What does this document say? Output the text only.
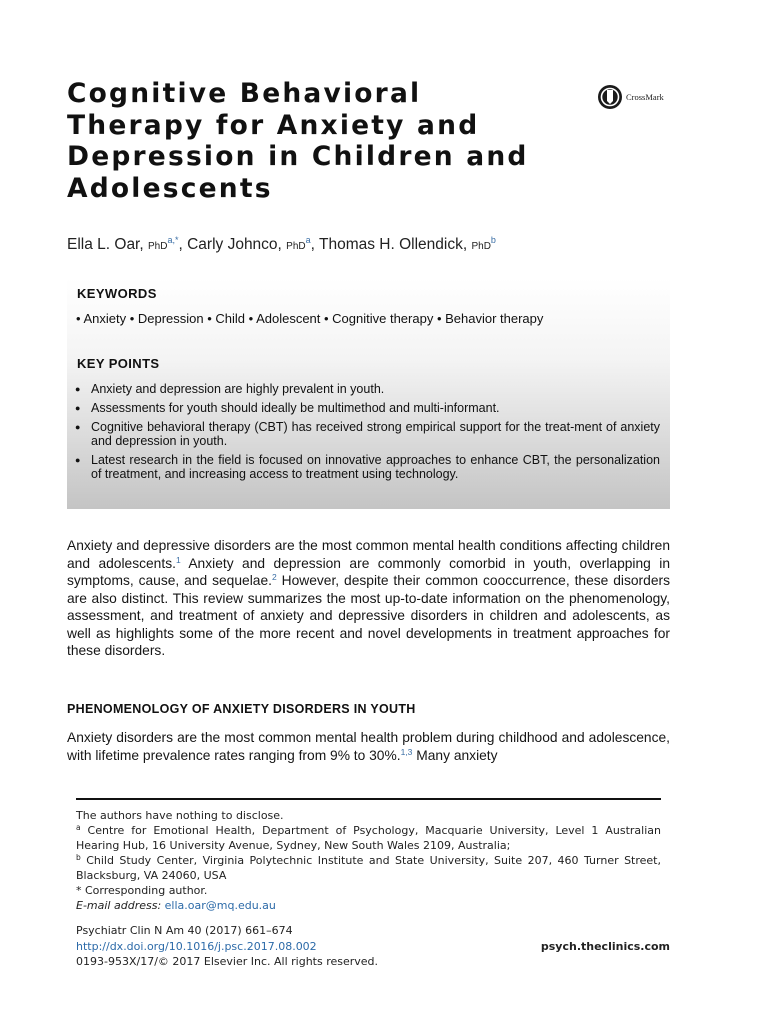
Cognitive Behavioral
Therapy for Anxiety and
Depression in Children and
Adolescents
CrossMark
Ella L. Oar, PhD$^{a,*}$, Carly Johnco, PhD$^a$, Thomas H. Ollendick, PhD$^b$
KEYWORDS
• Anxiety • Depression • Child • Adolescent • Cognitive therapy • Behavior therapy
KEY POINTS
● Anxiety and depression are highly prevalent in youth.
● Assessments for youth should ideally be multimethod and multi-informant.
● Cognitive behavioral therapy (CBT) has received strong empirical support for the treat-ment of anxiety and depression in youth.
● Latest research in the field is focused on innovative approaches to enhance CBT, the personalization of treatment, and increasing access to treatment using technology.

Anxiety and depressive disorders are the most common mental health conditions affecting children and adolescents.$^1$ Anxiety and depression are commonly comorbid in youth, overlapping in symptoms, cause, and sequelae.$^2$ However, despite their common cooccurrence, these disorders are also distinct. This review summarizes the most up-to-date information on the phenomenology, assessment, and treatment of anxiety and depressive disorders in children and adolescents, as well as highlights some of the more recent and novel developments in treatment approaches for these disorders.

PHENOMENOLOGY OF ANXIETY DISORDERS IN YOUTH

Anxiety disorders are the most common mental health problem during childhood and adolescence, with lifetime prevalence rates ranging from 9% to 30%.$^{1,3}$ Many anxiety

The authors have nothing to disclose.

$^a$ Centre for Emotional Health, Department of Psychology, Macquarie University, Level 1 Australian Hearing Hub, 16 University Avenue, Sydney, New South Wales 2109, Australia;

$^b$ Child Study Center, Virginia Polytechnic Institute and State University, Suite 207, 460 Turner Street, Blacksburg, VA 24060, USA

* Corresponding author.

E-mail address: ella.oar@mq.edu.au

Psychiatr Clin N Am 40 (2017) 661–674
http://dx.doi.org/10.1016/j.psc.2017.08.002
0193-953X/17/© 2017 Elsevier Inc. All rights reserved.
psych.theclinics.com
